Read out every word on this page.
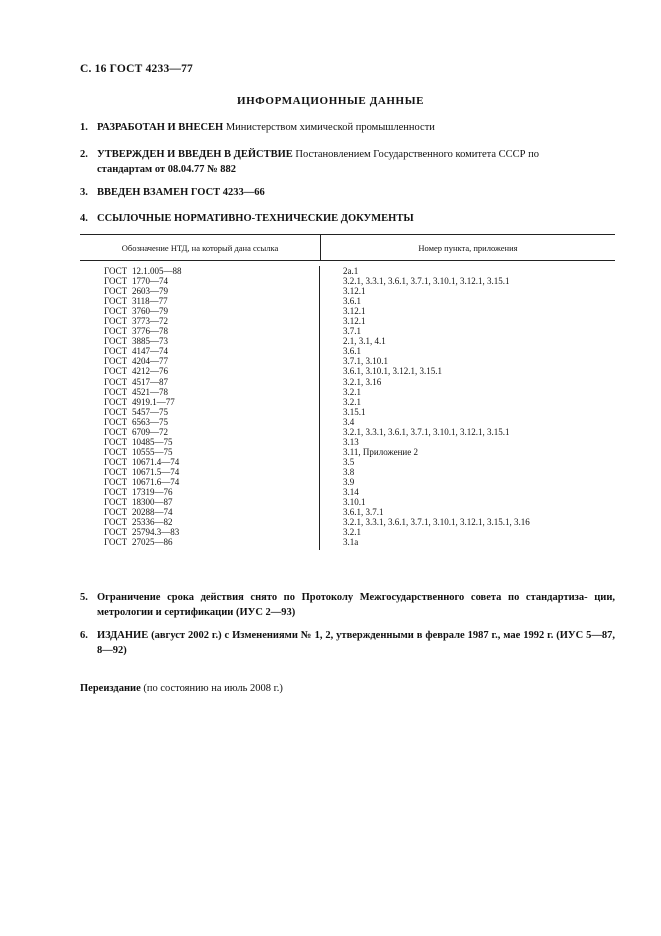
С. 16 ГОСТ 4233—77
ИНФОРМАЦИОННЫЕ ДАННЫЕ
1. РАЗРАБОТАН И ВНЕСЕН Министерством химической промышленности
2. УТВЕРЖДЕН И ВВЕДЕН В ДЕЙСТВИЕ Постановлением Государственного комитета СССР по
стандартам от 08.04.77 № 882
3. ВВЕДЕН ВЗАМЕН ГОСТ 4233—66
4. ССЫЛОЧНЫЕ НОРМАТИВНО-ТЕХНИЧЕСКИЕ ДОКУМЕНТЫ
Обозначение НТД, на который дана ссылка	Номер пункта, приложения
ГОСТ 12.1.005—88
ГОСТ 1770—74
ГОСТ 2603—79
ГОСТ 3118—77
ГОСТ 3760—79
ГОСТ 3773—72
ГОСТ 3776—78
ГОСТ 3885—73
ГОСТ 4147—74
ГОСТ 4204—77
ГОСТ 4212—76
ГОСТ 4517—87
ГОСТ 4521—78
ГОСТ 4919.1—77
ГОСТ 5457—75
ГОСТ 6563—75
ГОСТ 6709—72
ГОСТ 10485—75
ГОСТ 10555—75
ГОСТ 10671.4—74
ГОСТ 10671.5—74
ГОСТ 10671.6—74
ГОСТ 17319—76
ГОСТ 18300—87
ГОСТ 20288—74
ГОСТ 25336—82
ГОСТ 25794.3—83
ГОСТ 27025—86
2а.1
3.2.1, 3.3.1, 3.6.1, 3.7.1, 3.10.1, 3.12.1, 3.15.1
3.12.1
3.6.1
3.12.1
3.12.1
3.7.1
2.1, 3.1, 4.1
3.6.1
3.7.1, 3.10.1
3.6.1, 3.10.1, 3.12.1, 3.15.1
3.2.1, 3.16
3.2.1
3.2.1
3.15.1
3.4
3.2.1, 3.3.1, 3.6.1, 3.7.1, 3.10.1, 3.12.1, 3.15.1
3.13
3.11, Приложение 2
3.5
3.8
3.9
3.14
3.10.1
3.6.1, 3.7.1
3.2.1, 3.3.1, 3.6.1, 3.7.1, 3.10.1, 3.12.1, 3.15.1, 3.16
3.2.1
3.1а
5. Ограничение срока действия снято по Протоколу Межгосударственного совета по стандартиза- ции, метрологии и сертификации (ИУС 2—93)
6. ИЗДАНИЕ (август 2002 г.) с Изменениями № 1, 2, утвержденными в феврале 1987 г., мае 1992 г. (ИУС 5—87, 8—92)
Переиздание (по состоянию на июль 2008 г.)
